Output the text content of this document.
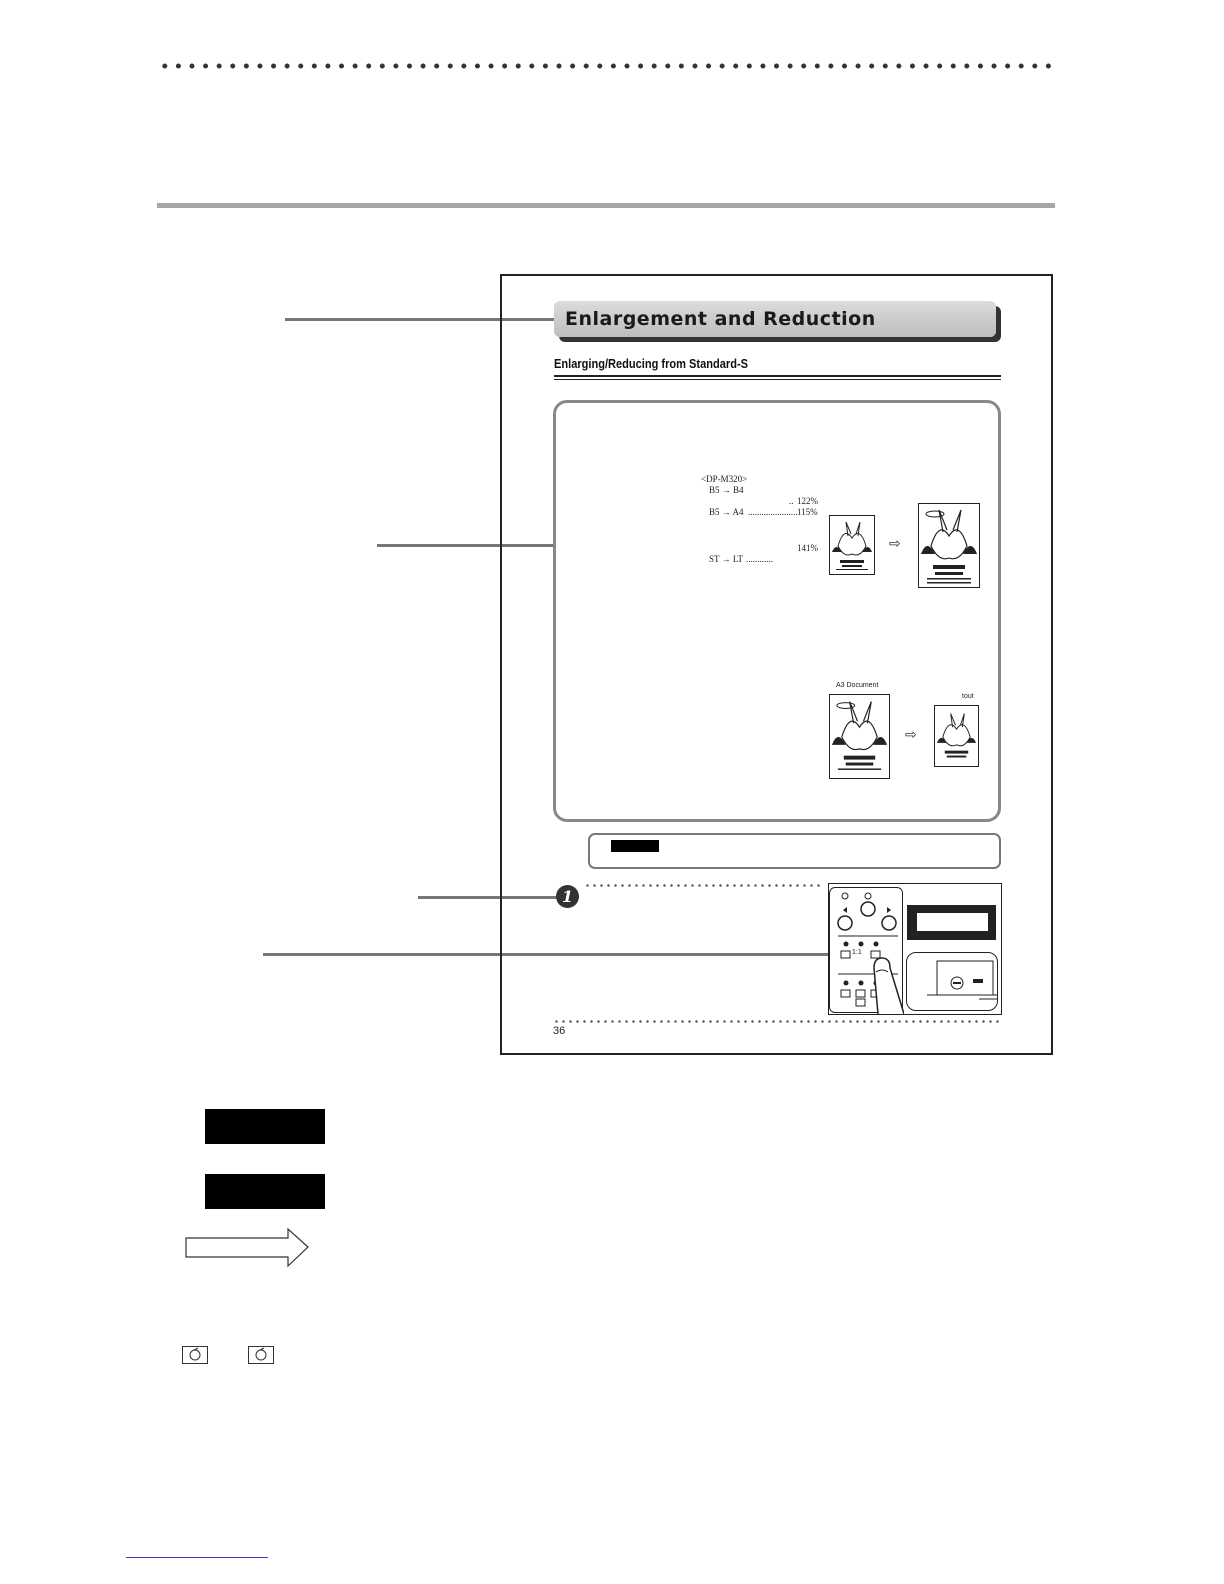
Enlargement and Reduction
Enlarging/Reducing from Standard-S
<DP-M320>
B5 → B4
.. 122%
B5 → A4 ...................... 115%
141%
ST → LT ............
⇨
A3 Document
tout
⇨
1
1:1
36
